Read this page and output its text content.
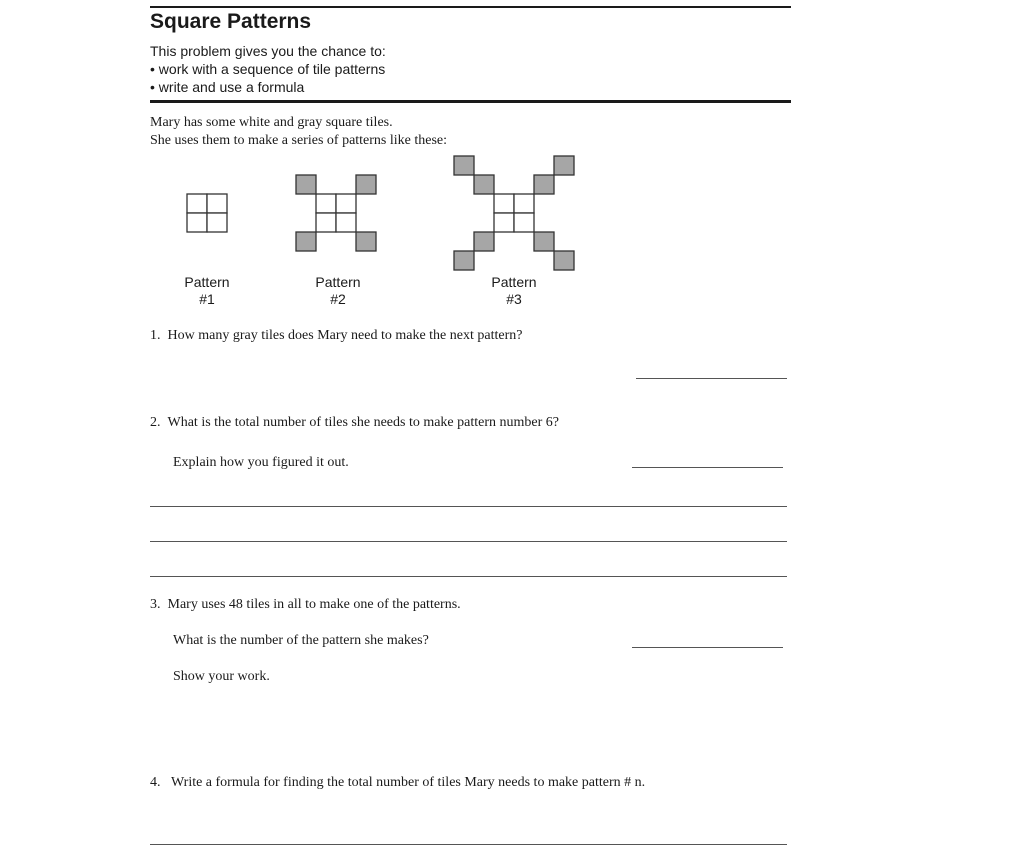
Square Patterns
This problem gives you the chance to:
• work with a sequence of tile patterns
• write and use a formula
Mary has some white and gray square tiles.
She uses them to make a series of patterns like these:
Pattern
#1
Pattern
#2
Pattern
#3
1. How many gray tiles does Mary need to make the next pattern?
2. What is the total number of tiles she needs to make pattern number 6?
Explain how you figured it out.
3. Mary uses 48 tiles in all to make one of the patterns.
What is the number of the pattern she makes?
Show your work.
4. Write a formula for finding the total number of tiles Mary needs to make pattern # n.
